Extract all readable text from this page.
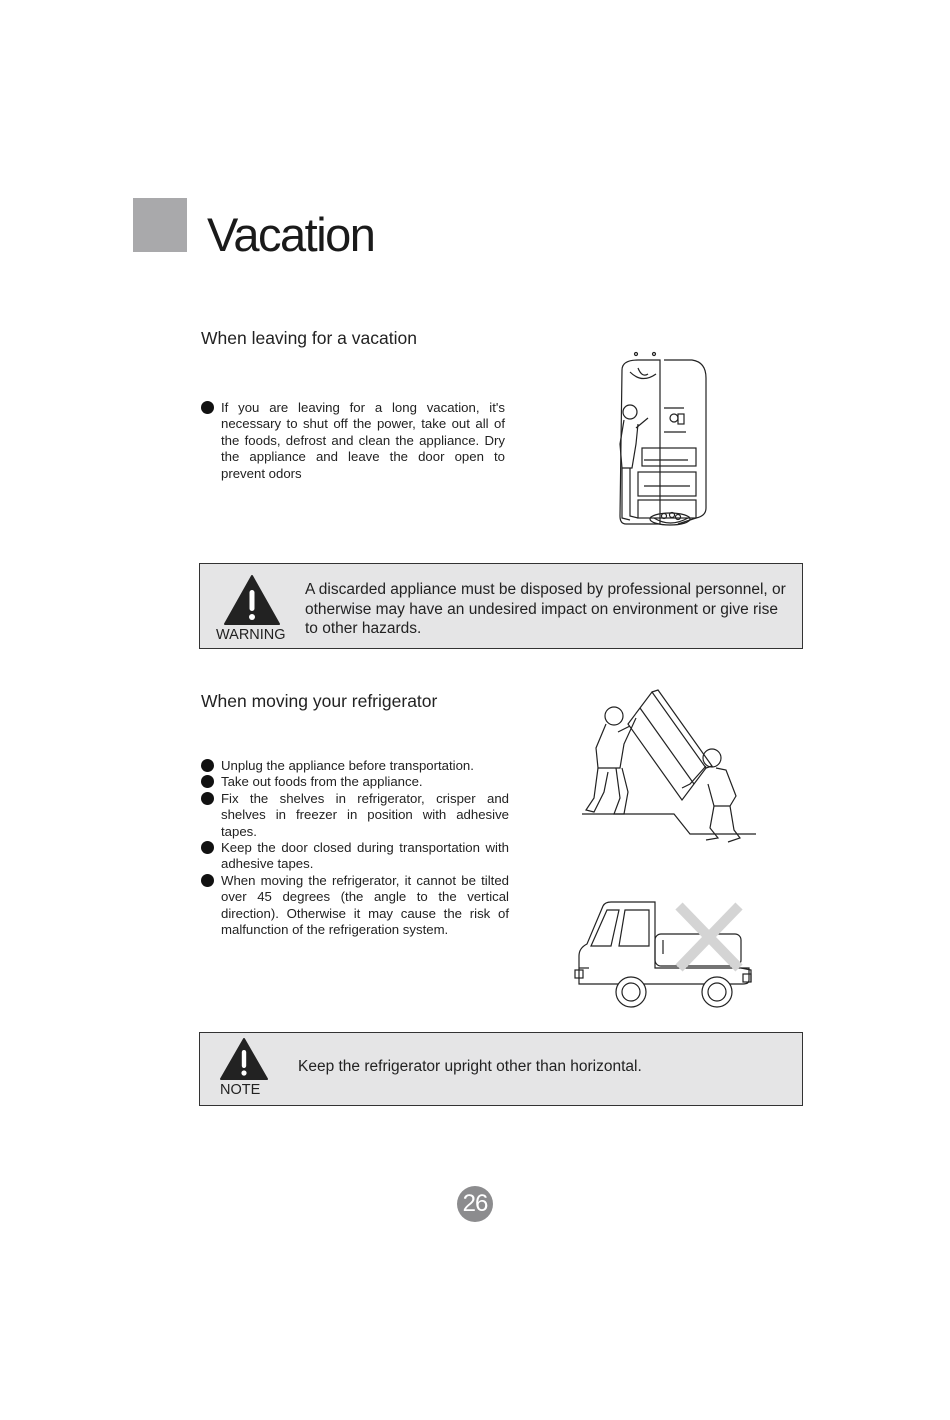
Vacation
When leaving for a vacation
If you are leaving for a long vacation, it's necessary to shut off the power, take out all of the foods, defrost and clean the appliance. Dry the appliance and leave the door open to prevent odors
WARNING
A discarded appliance must be disposed by professional personnel, or otherwise may have an undesired impact on environment or give rise to other hazards.
When moving your refrigerator
Unplug the appliance before transportation.
Take out foods from the appliance.
Fix the shelves in refrigerator, crisper and shelves in freezer in position with adhesive tapes.
Keep the door closed during transportation with adhesive tapes.
When moving the refrigerator, it cannot be tilted over 45 degrees (the angle to the vertical direction). Otherwise it may cause the risk of malfunction of the refrigeration system.
NOTE
Keep the refrigerator upright other than horizontal.
26
